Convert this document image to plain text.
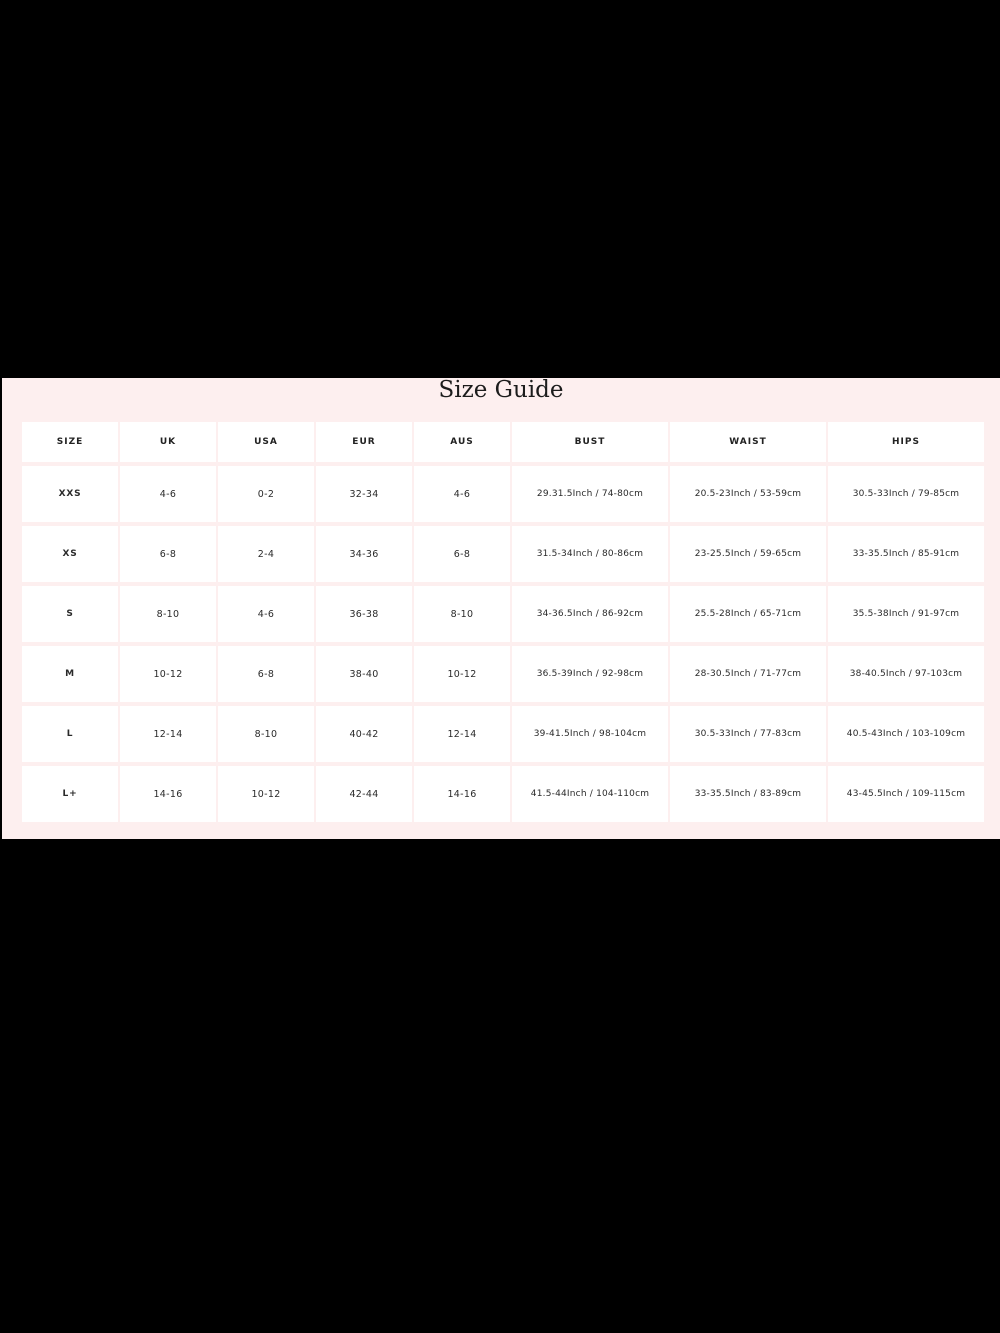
Size Guide
SIZE	UK	USA	EUR	AUS	BUST	WAIST	HIPS
XXS	4-6	0-2	32-34	4-6	29.31.5Inch / 74-80cm	20.5-23Inch / 53-59cm	30.5-33Inch / 79-85cm
XS	6-8	2-4	34-36	6-8	31.5-34Inch / 80-86cm	23-25.5Inch / 59-65cm	33-35.5Inch / 85-91cm
S	8-10	4-6	36-38	8-10	34-36.5Inch / 86-92cm	25.5-28Inch / 65-71cm	35.5-38Inch / 91-97cm
M	10-12	6-8	38-40	10-12	36.5-39Inch / 92-98cm	28-30.5Inch / 71-77cm	38-40.5Inch / 97-103cm
L	12-14	8-10	40-42	12-14	39-41.5Inch / 98-104cm	30.5-33Inch / 77-83cm	40.5-43Inch / 103-109cm
L+	14-16	10-12	42-44	14-16	41.5-44Inch / 104-110cm	33-35.5Inch / 83-89cm	43-45.5Inch / 109-115cm
